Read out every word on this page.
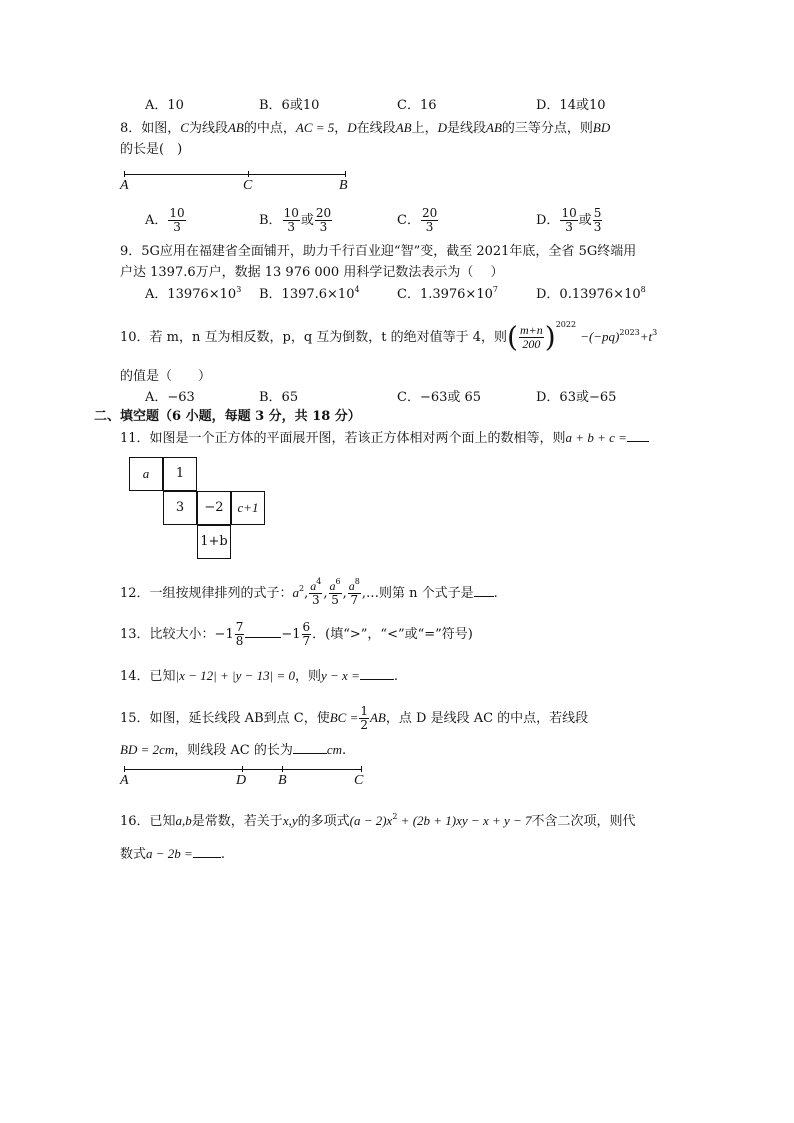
A．10	B．6或10	C．16	D．14或10
8．如图，C为线段AB的中点，AC = 5，D在线段AB上，D是线段AB的三等分点，则BD
的长是(　)
A	C	B
A． $\frac{10}{3}$	B． $\frac{10}{3}$ 或 $\frac{20}{3}$	C． $\frac{20}{3}$	D． $\frac{10}{3}$ 或 $\frac{5}{3}$
9．5G应用在福建省全面铺开，助力千行百业迎“智”变，截至 2021年底，全省 5G终端用
户达 1397.6万户，数据 13 976 000 用科学记数法表示为（　 ）
A．$13976\times 10^3$ B．$1397.6\times 10^4$	C．$1.3976\times 10^7$	D．$0.13976\times 10^8$
10．若 m，n 互为相反数，p，q 互为倒数，t 的绝对值等于 4，则( $\frac{m+n}{200} )^{2022} -(-pq)^{2023}+t^3$
的值是（　　）
A．−63	B．65	C．−63或 65	D．63或−65
二、填空题（6 小题，每题 3 分，共 18 分）
11．如图是一个正方体的平面展开图，若该正方体相对两个面上的数相等，则a + b + c =
a	1
3	−2	c+1
1+b
12．一组按规律排列的式子：$a^2$, $\frac{a^4}{3}$ , $\frac{a^6}{5}$ , $\frac{a^8}{7}$ ,…则第 n 个式子是 .
13．比较大小：$-1 \frac{7}{8}$	$-1 \frac{6}{7}$ ．(填“>”，“<”或“=”符号)
14．已知|x − 12| + |y − 13| = 0，则y − x =	.
15．如图，延长线段 AB到点 C，使BC = $\frac{1}{2}$ AB，点 D 是线段 AC 的中点，若线段
BD = 2cm，则线段 AC 的长为	cm.
A	D B	C
16．已知a,b是常数，若关于x,y的多项式$(a - 2)x^2 + (2b + 1)xy - x + y - 7$不含二次项，则代
数式a − 2b = .
